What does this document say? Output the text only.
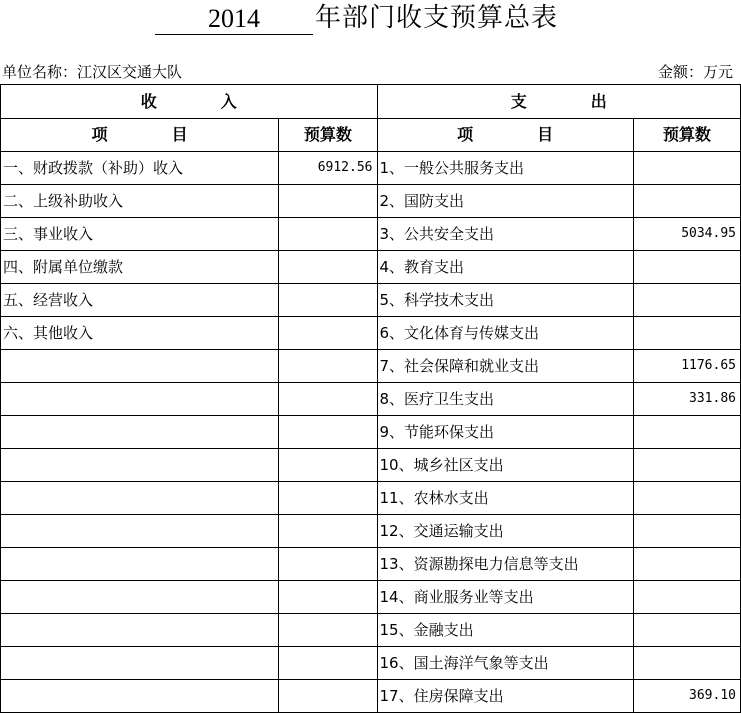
2014	年部门收支预算总表
单位名称：江汉区交通大队	金额：万元
收　　　　入		支　　　　出	
项　　　　目	预算数	项　　　　目	预算数
一、财政拨款（补助）收入	6912.56	1、一般公共服务支出	
二、上级补助收入		2、国防支出	
三、事业收入		3、公共安全支出	5034.95
四、附属单位缴款		4、教育支出	
五、经营收入		5、科学技术支出	
六、其他收入		6、文化体育与传媒支出	
		7、社会保障和就业支出	1176.65
		8、医疗卫生支出	331.86
		9、节能环保支出	
		10、城乡社区支出	
		11、农林水支出	
		12、交通运输支出	
		13、资源勘探电力信息等支出	
		14、商业服务业等支出	
		15、金融支出	
		16、国土海洋气象等支出	
		17、住房保障支出	369.10
